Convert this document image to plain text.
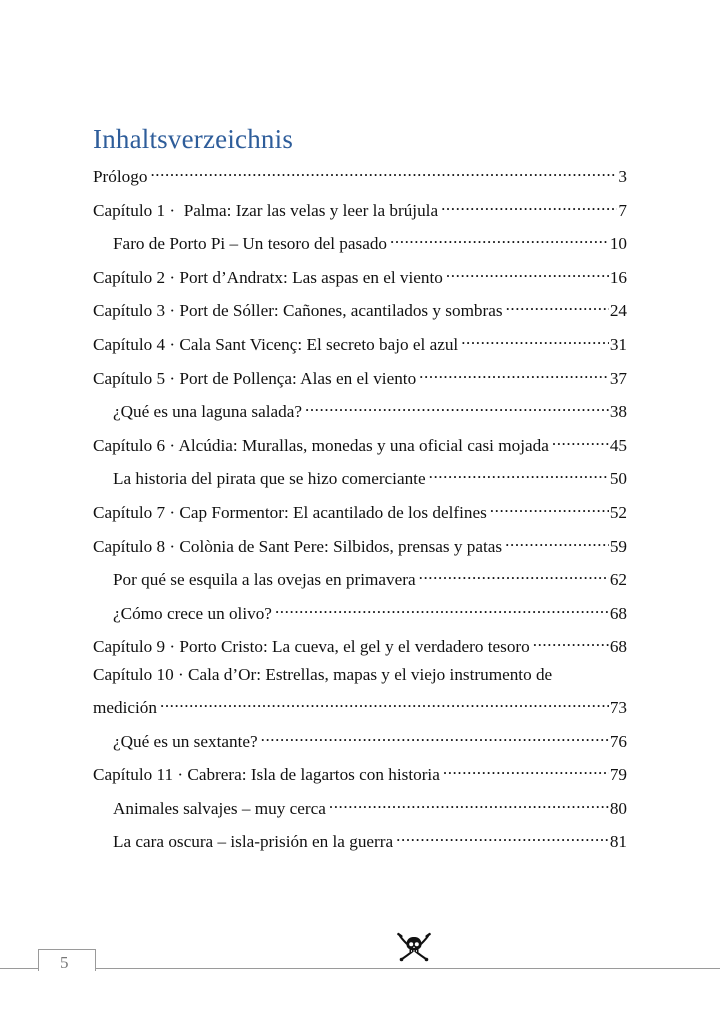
Inhaltsverzeichnis
Prólogo .....	3
Capítulo 1 ·  Palma: Izar las velas y leer la brújula .....	7
Faro de Porto Pi – Un tesoro del pasado .....	10
Capítulo 2 · Port d’Andratx: Las aspas en el viento .....	16
Capítulo 3 · Port de Sóller: Cañones, acantilados y sombras .....	24
Capítulo 4 · Cala Sant Vicenç: El secreto bajo el azul .....	31
Capítulo 5 · Port de Pollença: Alas en el viento .....	37
¿Qué es una laguna salada? .....	38
Capítulo 6 · Alcúdia: Murallas, monedas y una oficial casi mojada .....	45
La historia del pirata que se hizo comerciante .....	50
Capítulo 7 · Cap Formentor: El acantilado de los delfines .....	52
Capítulo 8 · Colònia de Sant Pere: Silbidos, prensas y patas .....	59
Por qué se esquila a las ovejas en primavera .....	62
¿Cómo crece un olivo? .....	68
Capítulo 9 · Porto Cristo: La cueva, el gel y el verdadero tesoro .....	68
Capítulo 10 · Cala d’Or: Estrellas, mapas y el viejo instrumento de
medición .....	73
¿Qué es un sextante? .....	76
Capítulo 11 · Cabrera: Isla de lagartos con historia .....	79
Animales salvajes – muy cerca .....	80
La cara oscura – isla-prisión en la guerra .....	81
5
